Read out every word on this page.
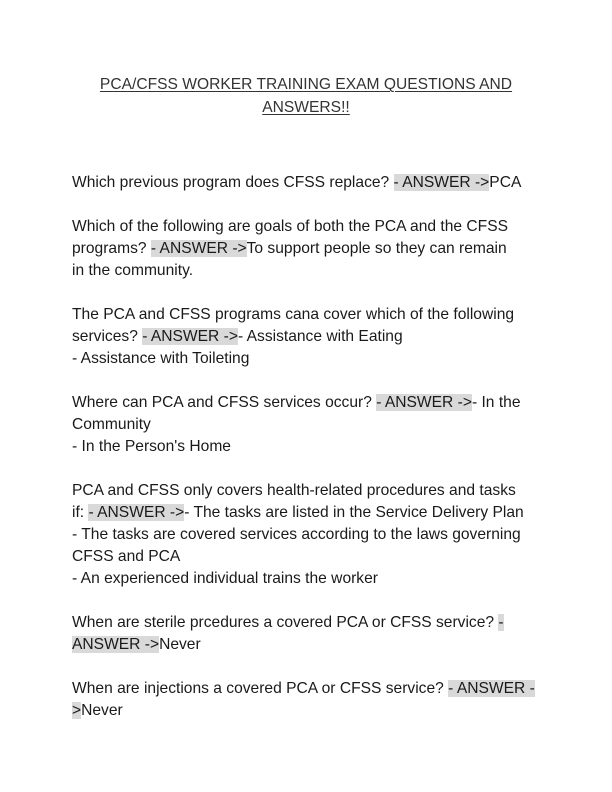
PCA/CFSS WORKER TRAINING EXAM QUESTIONS AND
ANSWERS!!
Which previous program does CFSS replace? - ANSWER ->PCA
Which of the following are goals of both the PCA and the CFSS
programs? - ANSWER ->To support people so they can remain
in the community.
The PCA and CFSS programs cana cover which of the following
services? - ANSWER ->- Assistance with Eating
- Assistance with Toileting
Where can PCA and CFSS services occur? - ANSWER ->- In the
Community
- In the Person's Home
PCA and CFSS only covers health-related procedures and tasks
if: - ANSWER ->- The tasks are listed in the Service Delivery Plan
- The tasks are covered services according to the laws governing
CFSS and PCA
- An experienced individual trains the worker
When are sterile prcedures a covered PCA or CFSS service? -
ANSWER ->Never
When are injections a covered PCA or CFSS service? - ANSWER -
>Never
